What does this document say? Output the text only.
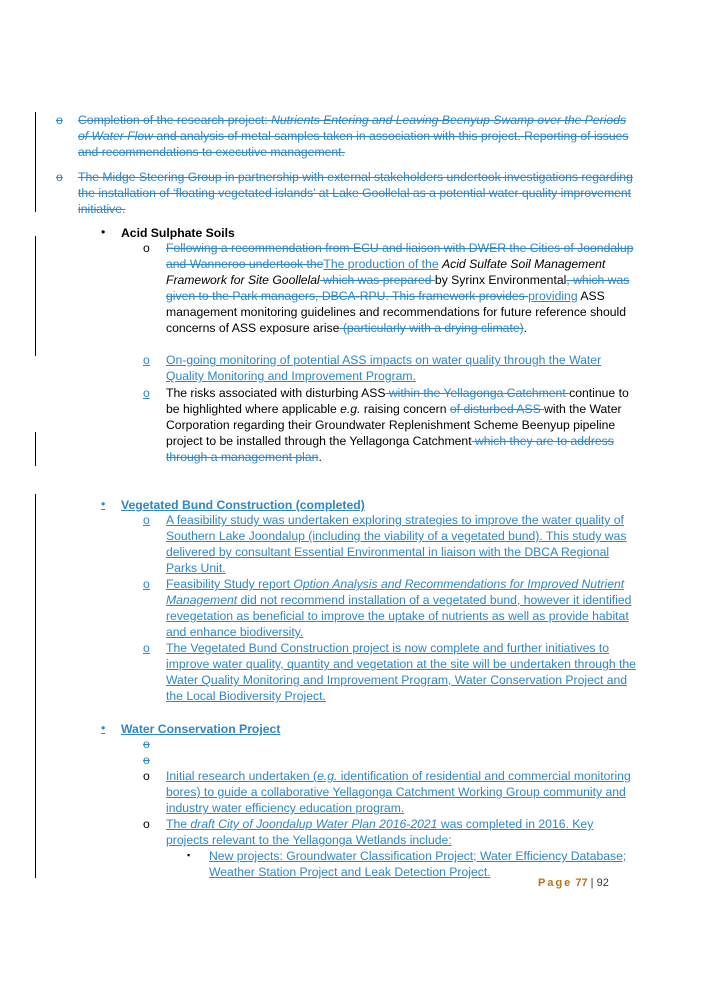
o Completion of the research project: Nutrients Entering and Leaving Beenyup Swamp over the Periods of Water Flow and analysis of metal samples taken in association with this project. Reporting of issues and recommendations to executive management.
o The Midge Steering Group in partnership with external stakeholders undertook investigations regarding the installation of ‘floating vegetated islands’ at Lake Goollelal as a potential water quality improvement initiative.
• Acid Sulphate Soils
o Following a recommendation from ECU and liaison with DWER the Cities of Joondalup and Wanneroo undertook theThe production of the Acid Sulfate Soil Management Framework for Site Goollelal which was prepared by Syrinx Environmental, which was given to the Park managers, DBCA-RPU. This framework provides providing ASS management monitoring guidelines and recommendations for future reference should concerns of ASS exposure arise (particularly with a drying climate).
o On-going monitoring of potential ASS impacts on water quality through the Water Quality Monitoring and Improvement Program.
o The risks associated with disturbing ASS within the Yellagonga Catchment continue to be highlighted where applicable e.g. raising concern of disturbed ASS with the Water Corporation regarding their Groundwater Replenishment Scheme Beenyup pipeline project to be installed through the Yellagonga Catchment which they are to address through a management plan.
• Vegetated Bund Construction (completed)
o A feasibility study was undertaken exploring strategies to improve the water quality of Southern Lake Joondalup (including the viability of a vegetated bund). This study was delivered by consultant Essential Environmental in liaison with the DBCA Regional Parks Unit.
o Feasibility Study report Option Analysis and Recommendations for Improved Nutrient Management did not recommend installation of a vegetated bund, however it identified revegetation as beneficial to improve the uptake of nutrients as well as provide habitat and enhance biodiversity.
o The Vegetated Bund Construction project is now complete and further initiatives to improve water quality, quantity and vegetation at the site will be undertaken through the Water Quality Monitoring and Improvement Program, Water Conservation Project and the Local Biodiversity Project.
• Water Conservation Project
o
o
o Initial research undertaken (e.g. identification of residential and commercial monitoring bores) to guide a collaborative Yellagonga Catchment Working Group community and industry water efficiency education program.
o The draft City of Joondalup Water Plan 2016-2021 was completed in 2016. Key projects relevant to the Yellagonga Wetlands include:
▪ New projects: Groundwater Classification Project; Water Efficiency Database; Weather Station Project and Leak Detection Project.
Page 77 | 92
